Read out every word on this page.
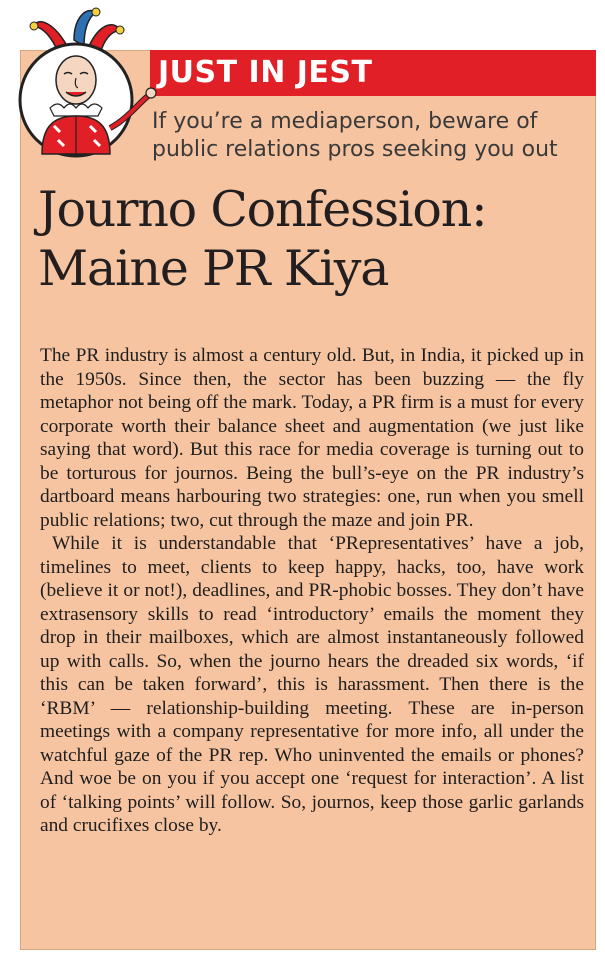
JUST IN JEST
If you’re a mediaperson, beware of public relations pros seeking you out
Journo Confession:
Maine PR Kiya

The PR industry is almost a century old. But, in India, it picked up in the 1950s. Since then, the sector has been buzzing — the fly metaphor not being off the mark. Today, a PR firm is a must for every corporate worth their balance sheet and augmentation (we just like saying that word). But this race for media coverage is turning out to be torturous for journos. Being the bull’s-eye on the PR industry’s dartboard means harbouring two strategies: one, run when you smell public relations; two, cut through the maze and join PR.

While it is understandable that ‘PRepresentatives’ have a job, timelines to meet, clients to keep happy, hacks, too, have work (believe it or not!), deadlines, and PR-phobic bosses. They don’t have extrasensory skills to read ‘introductory’ emails the moment they drop in their mailboxes, which are almost instantaneously followed up with calls. So, when the journo hears the dreaded six words, ‘if this can be taken forward’, this is harassment. Then there is the ‘RBM’ — relationship-building meeting. These are in-person meetings with a company representative for more info, all under the watchful gaze of the PR rep. Who uninvented the emails or phones? And woe be on you if you accept one ‘request for interaction’. A list of ‘talking points’ will follow. So, journos, keep those garlic garlands and crucifixes close by.
